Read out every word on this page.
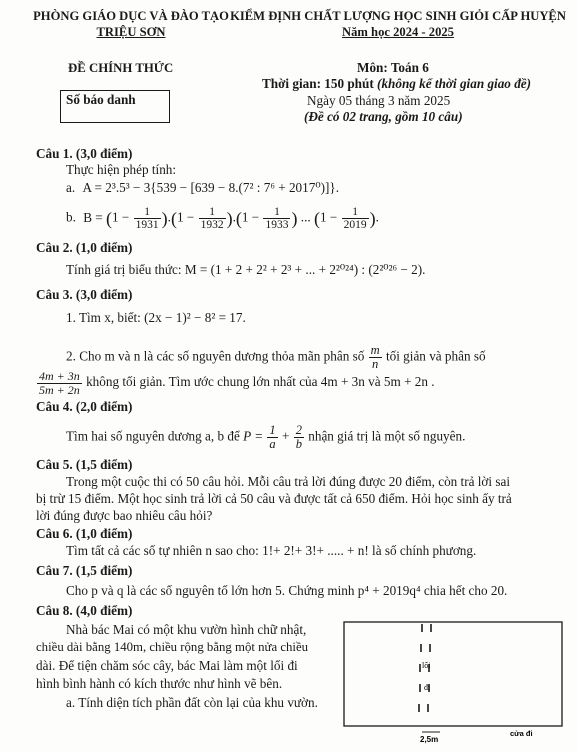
PHÒNG GIÁO DỤC VÀ ĐÀO TẠO
TRIỆU SƠN
KIỂM ĐỊNH CHẤT LƯỢNG HỌC SINH GIỎI CẤP HUYỆN
Năm học 2024 - 2025
ĐỀ CHÍNH THỨC	Môn: Toán 6
Thời gian: 150 phút (không kể thời gian giao đề)
Số báo danh	Ngày 05 tháng 3 năm 2025
(Đề có 02 trang, gồm 10 câu)
Câu 1. (3,0 điểm)
Thực hiện phép tính:
a. A = 2³.5³ − 3{539 − [639 − 8.(7² : 7⁶ + 2017⁰)]}.
b. $B = (1 - \frac{1}{1931} ).(1 - \frac{1}{1932} ).(1 - \frac{1}{1933}$ ) ... ($1 - \frac{1}{2019}$ ).
Câu 2. (1,0 điểm)
Tính giá trị biểu thức: M = (1 + 2 + 2² + 2³ + ... + 2²⁰²⁴) : (2²⁰²⁶ − 2).
Câu 3. (3,0 điểm)
1. Tìm x, biết: (2x − 1)² − 8² = 17.
2. Cho m và n là các số nguyên dương thỏa mãn phân số $\frac{m}{n}$ tối giản và phân số
$\frac{4m + 3n}{5m + 2n}$ không tối giản. Tìm ước chung lớn nhất của 4m + 3n và 5m + 2n .
Câu 4. (2,0 điểm)
Tìm hai số nguyên dương a, b để $P = \frac{1}{a} + \frac{2}{b}$ nhận giá trị là một số nguyên.
Câu 5. (1,5 điểm)
Trong một cuộc thi có 50 câu hỏi. Mỗi câu trả lời đúng được 20 điểm, còn trả lời sai
bị trừ 15 điểm. Một học sinh trả lời cả 50 câu và được tất cả 650 điểm. Hỏi học sinh ấy trả
lời đúng được bao nhiêu câu hỏi?
Câu 6. (1,0 điểm)
Tìm tất cả các số tự nhiên n sao cho: 1!+ 2!+ 3!+ ..... + n! là số chính phương.
Câu 7. (1,5 điểm)
Cho p và q là các số nguyên tố lớn hơn 5. Chứng minh p⁴ + 2019q⁴ chia hết cho 20.
Câu 8. (4,0 điểm)
Nhà bác Mai có một khu vườn hình chữ nhật,
chiều dài bằng 140m, chiều rộng bằng một nửa chiều
dài. Để tiện chăm sóc cây, bác Mai làm một lối đi
hình bình hành có kích thước như hình vẽ bên.
a. Tính diện tích phần đất còn lại của khu vườn.
lối
đi
2,5m
cửa đi
